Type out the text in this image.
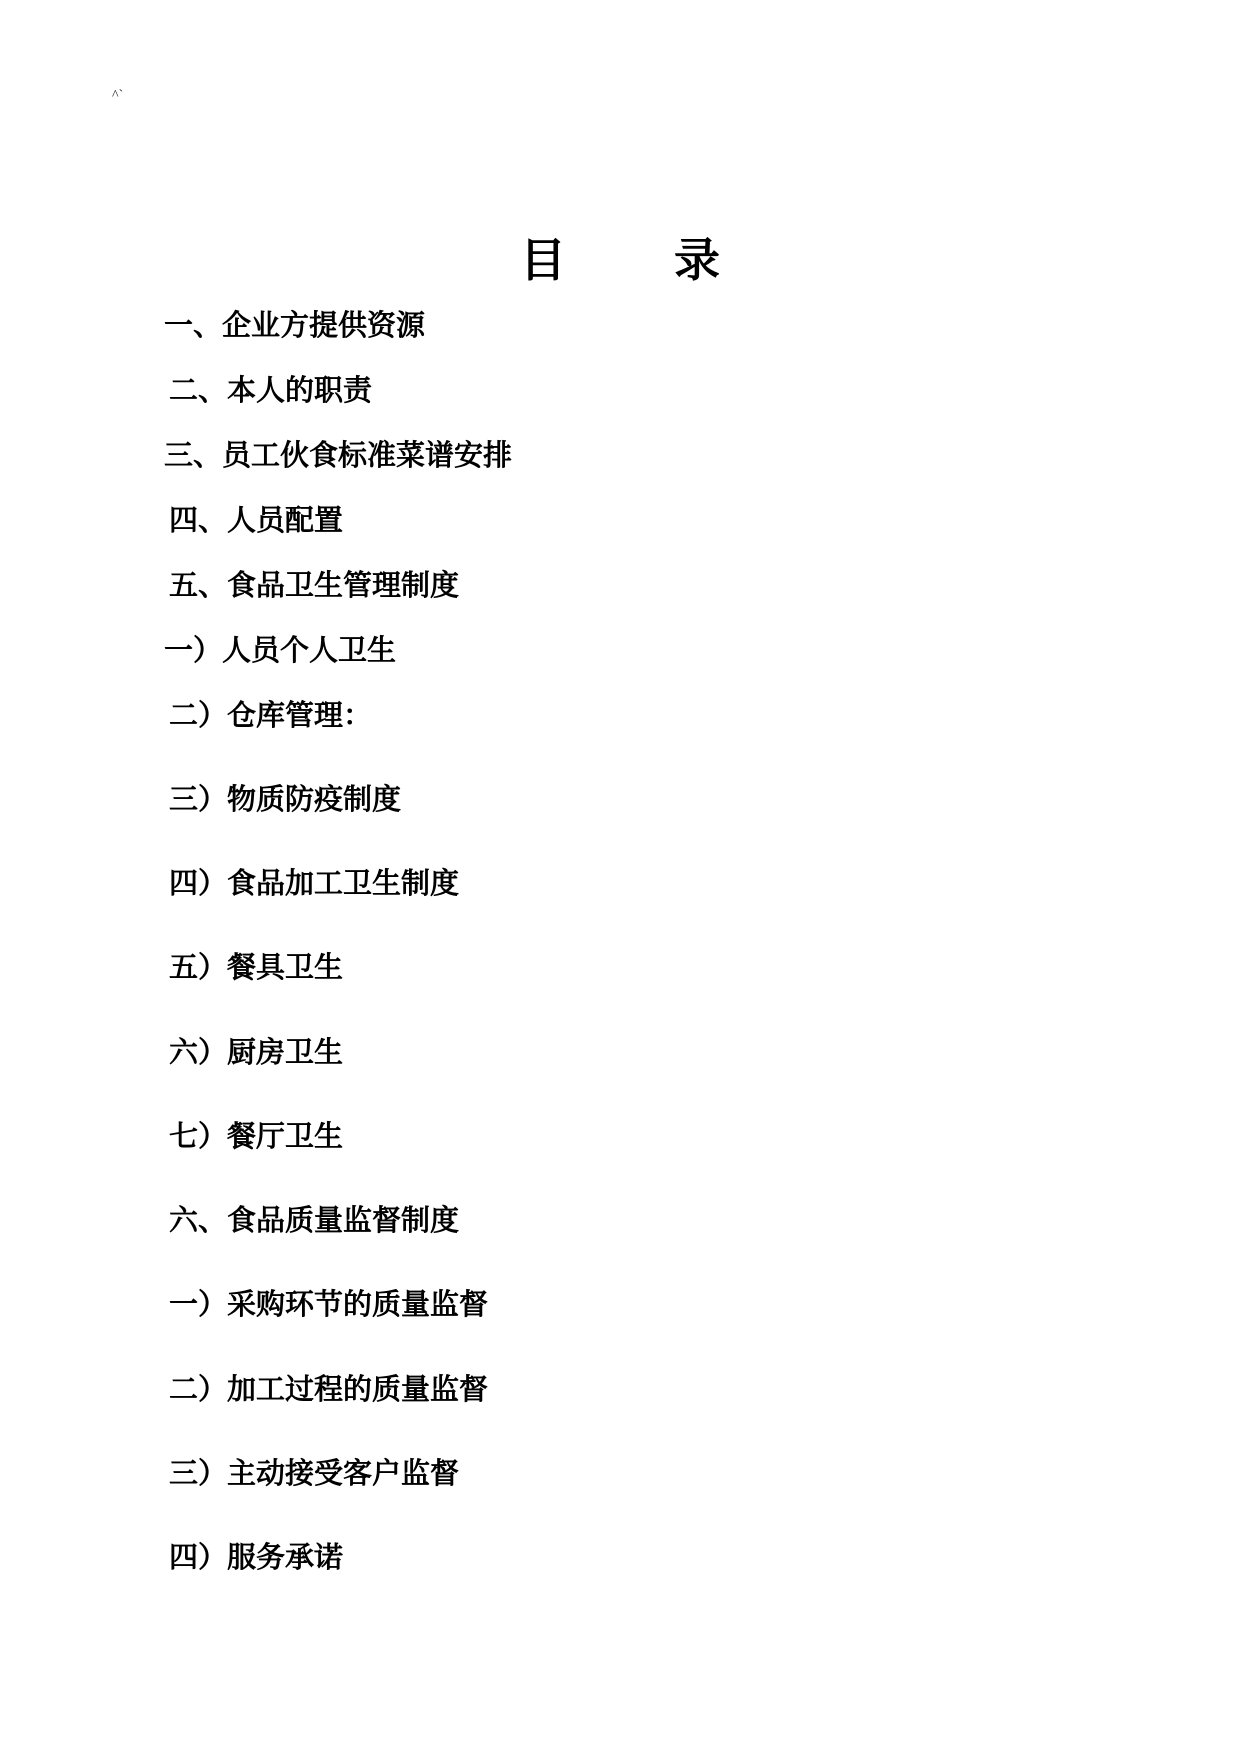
^`
目 录
一、企业方提供资源
二、本人的职责
三、员工伙食标准菜谱安排
四、人员配置
五、食品卫生管理制度
一）人员个人卫生
二）仓库管理：
三）物质防疫制度
四）食品加工卫生制度
五）餐具卫生
六）厨房卫生
七）餐厅卫生
六、食品质量监督制度
一）采购环节的质量监督
二）加工过程的质量监督
三）主动接受客户监督
四）服务承诺
